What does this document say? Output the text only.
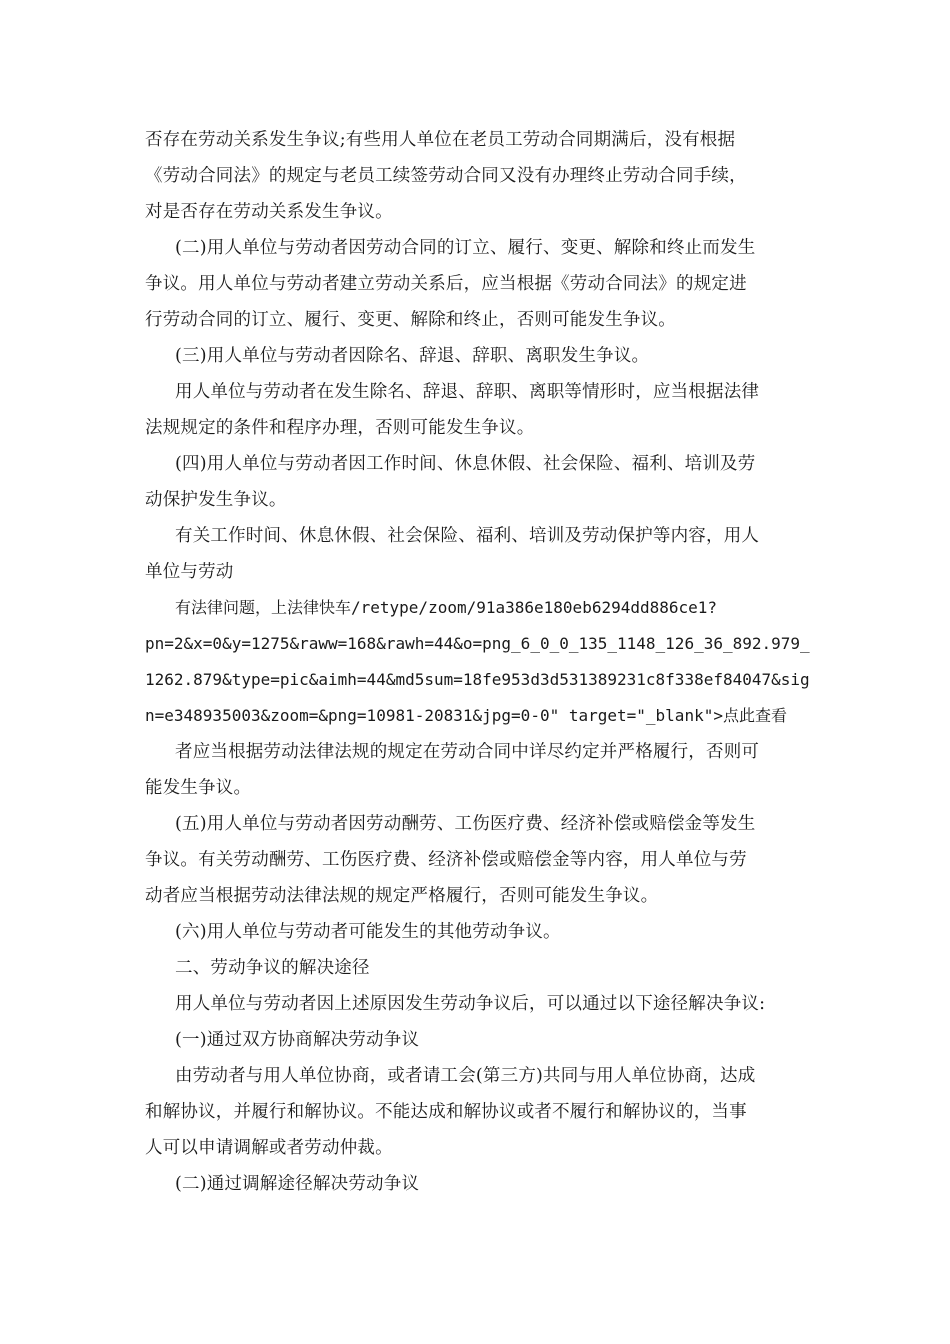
否存在劳动关系发生争议;有些用人单位在老员工劳动合同期满后，没有根据
《劳动合同法》的规定与老员工续签劳动合同又没有办理终止劳动合同手续，
对是否存在劳动关系发生争议。
(二)用人单位与劳动者因劳动合同的订立、履行、变更、解除和终止而发生
争议。用人单位与劳动者建立劳动关系后，应当根据《劳动合同法》的规定进
行劳动合同的订立、履行、变更、解除和终止，否则可能发生争议。
(三)用人单位与劳动者因除名、辞退、辞职、离职发生争议。
用人单位与劳动者在发生除名、辞退、辞职、离职等情形时，应当根据法律
法规规定的条件和程序办理，否则可能发生争议。
(四)用人单位与劳动者因工作时间、休息休假、社会保险、福利、培训及劳
动保护发生争议。
有关工作时间、休息休假、社会保险、福利、培训及劳动保护等内容，用人
单位与劳动
有法律问题，上法律快车/retype/zoom/91a386e180eb6294dd886ce1?
pn=2&x=0&y=1275&raww=168&rawh=44&o=png_6_0_0_135_1148_126_36_892.979_
1262.879&type=pic&aimh=44&md5sum=18fe953d3d531389231c8f338ef84047&sig
n=e348935003&zoom=&png=10981-20831&jpg=0-0" target="_blank">点此查看
者应当根据劳动法律法规的规定在劳动合同中详尽约定并严格履行，否则可
能发生争议。
(五)用人单位与劳动者因劳动酬劳、工伤医疗费、经济补偿或赔偿金等发生
争议。有关劳动酬劳、工伤医疗费、经济补偿或赔偿金等内容，用人单位与劳
动者应当根据劳动法律法规的规定严格履行，否则可能发生争议。
(六)用人单位与劳动者可能发生的其他劳动争议。
二、劳动争议的解决途径
用人单位与劳动者因上述原因发生劳动争议后，可以通过以下途径解决争议:
(一)通过双方协商解决劳动争议
由劳动者与用人单位协商，或者请工会(第三方)共同与用人单位协商，达成
和解协议，并履行和解协议。不能达成和解协议或者不履行和解协议的，当事
人可以申请调解或者劳动仲裁。
(二)通过调解途径解决劳动争议
